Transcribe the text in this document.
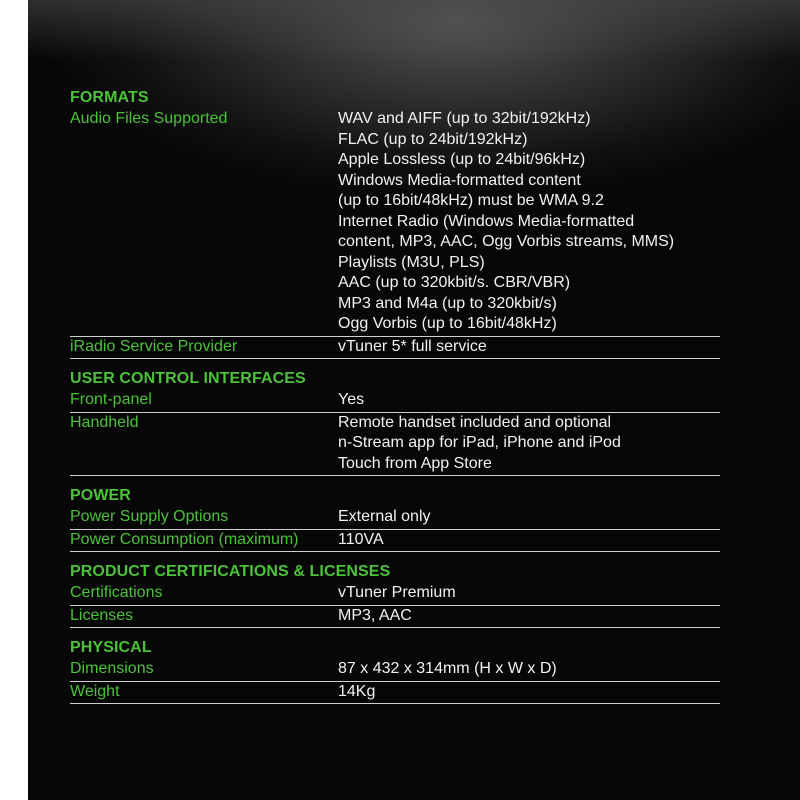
FORMATS
Audio Files Supported	WAV and AIFF (up to 32bit/192kHz)
FLAC (up to 24bit/192kHz)
Apple Lossless (up to 24bit/96kHz)
Windows Media-formatted content
(up to 16bit/48kHz) must be WMA 9.2
Internet Radio (Windows Media-formatted
content, MP3, AAC, Ogg Vorbis streams, MMS)
Playlists (M3U, PLS)
AAC (up to 320kbit/s. CBR/VBR)
MP3 and M4a (up to 320kbit/s)
Ogg Vorbis (up to 16bit/48kHz)
iRadio Service Provider	vTuner 5* full service
USER CONTROL INTERFACES
Front-panel	Yes
Handheld	Remote handset included and optional
n-Stream app for iPad, iPhone and iPod
Touch from App Store
POWER
Power Supply Options	External only
Power Consumption (maximum)	110VA
PRODUCT CERTIFICATIONS & LICENSES
Certifications	vTuner Premium
Licenses	MP3, AAC
PHYSICAL
Dimensions	87 x 432 x 314mm (H x W x D)
Weight	14Kg
